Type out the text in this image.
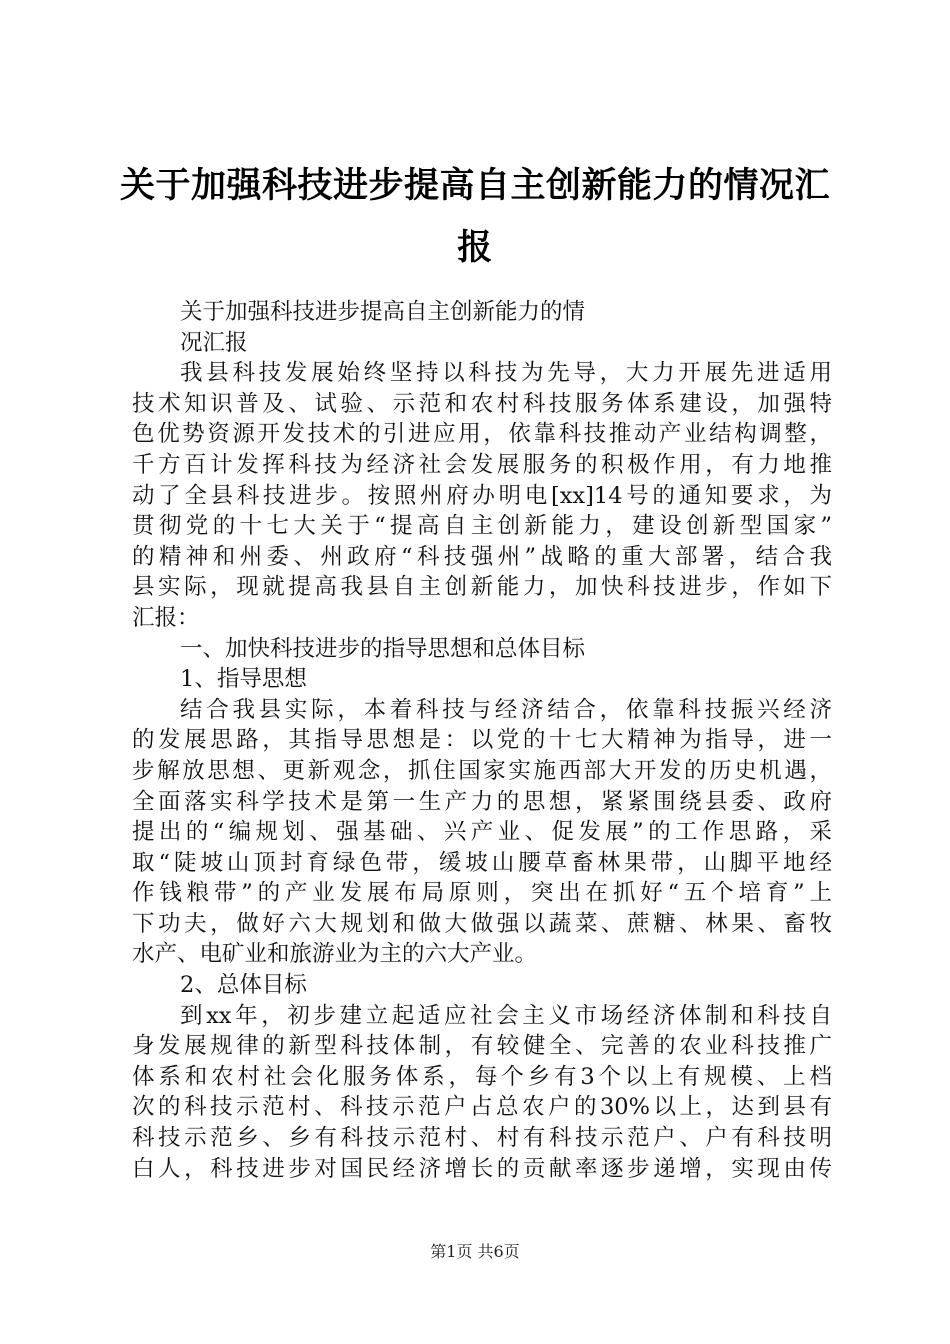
关于加强科技进步提高自主创新能力的情况汇
报
关于加强科技进步提高自主创新能力的情
况汇报
我县科技发展始终坚持以科技为先导，大力开展先进适用
技术知识普及、试验、示范和农村科技服务体系建设，加强特
色优势资源开发技术的引进应用，依靠科技推动产业结构调整，
千方百计发挥科技为经济社会发展服务的积极作用，有力地推
动了全县科技进步。按照州府办明电[xx]14号的通知要求，为
贯彻党的十七大关于“提高自主创新能力，建设创新型国家”
的精神和州委、州政府“科技强州”战略的重大部署，结合我
县实际，现就提高我县自主创新能力，加快科技进步，作如下
汇报：
一、加快科技进步的指导思想和总体目标
1、指导思想
结合我县实际，本着科技与经济结合，依靠科技振兴经济
的发展思路，其指导思想是：以党的十七大精神为指导，进一
步解放思想、更新观念，抓住国家实施西部大开发的历史机遇，
全面落实科学技术是第一生产力的思想，紧紧围绕县委、政府
提出的“编规划、强基础、兴产业、促发展”的工作思路，采
取“陡坡山顶封育绿色带，缓坡山腰草畜林果带，山脚平地经
作钱粮带”的产业发展布局原则，突出在抓好“五个培育”上
下功夫，做好六大规划和做大做强以蔬菜、蔗糖、林果、畜牧
水产、电矿业和旅游业为主的六大产业。
2、总体目标
到xx年，初步建立起适应社会主义市场经济体制和科技自
身发展规律的新型科技体制，有较健全、完善的农业科技推广
体系和农村社会化服务体系，每个乡有3个以上有规模、上档
次的科技示范村、科技示范户占总农户的30%以上，达到县有
科技示范乡、乡有科技示范村、村有科技示范户、户有科技明
白人，科技进步对国民经济增长的贡献率逐步递增，实现由传
第1页 共6页
